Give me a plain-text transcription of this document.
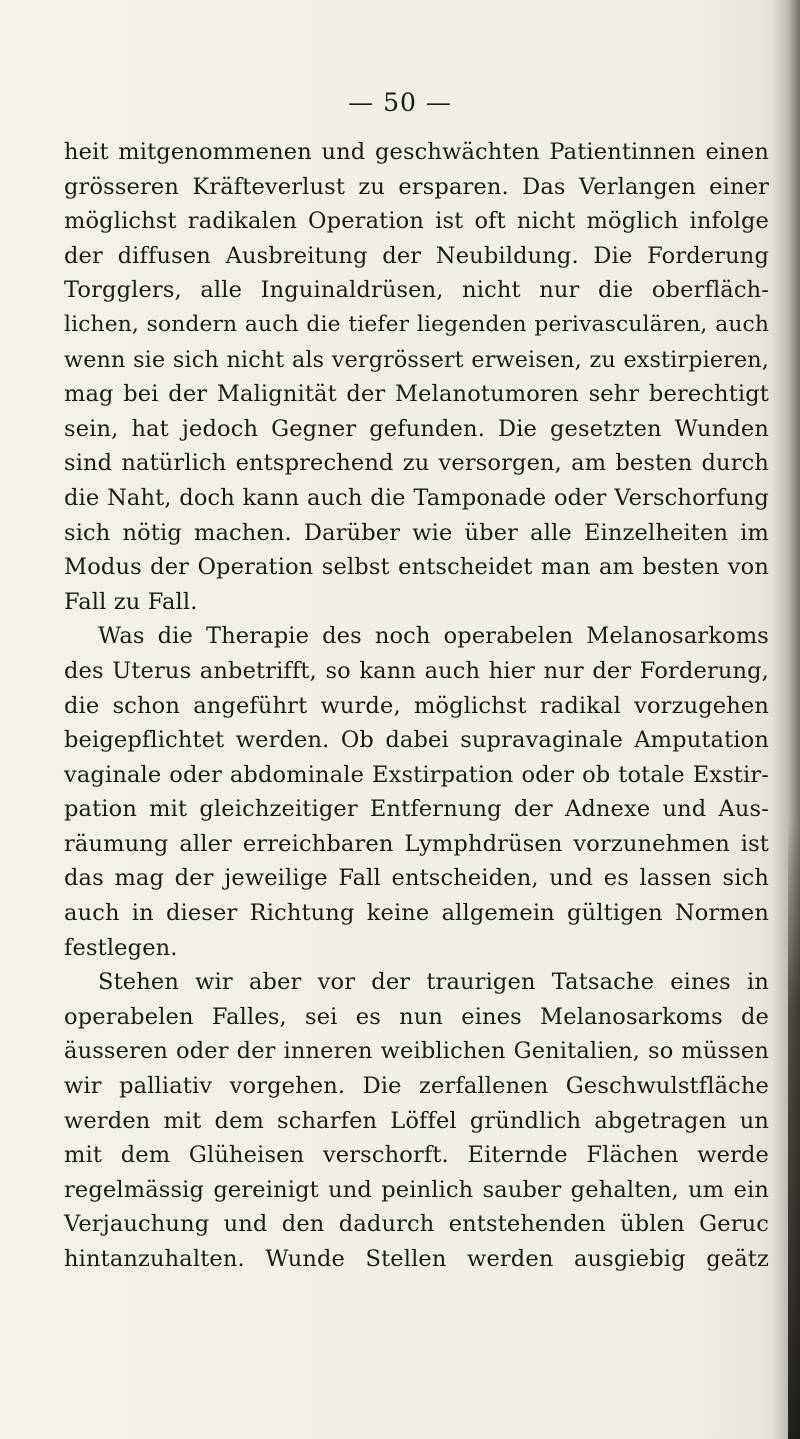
— 50 —
heit mitgenommenen und geschwächten Patientinnen einen
grösseren Kräfteverlust zu ersparen. Das Verlangen einer
möglichst radikalen Operation ist oft nicht möglich infolge
der diffusen Ausbreitung der Neubildung. Die Forderung
Torgglers, alle Inguinaldrüsen, nicht nur die oberfläch-
lichen, sondern auch die tiefer liegenden perivasculären, auch
wenn sie sich nicht als vergrössert erweisen, zu exstirpieren,
mag bei der Malignität der Melanotumoren sehr berechtigt
sein, hat jedoch Gegner gefunden. Die gesetzten Wunden
sind natürlich entsprechend zu versorgen, am besten durch
die Naht, doch kann auch die Tamponade oder Verschorfung
sich nötig machen. Darüber wie über alle Einzelheiten im
Modus der Operation selbst entscheidet man am besten von
Fall zu Fall.
Was die Therapie des noch operabelen Melanosarkoms
des Uterus anbetrifft, so kann auch hier nur der Forderung,
die schon angeführt wurde, möglichst radikal vorzugehen
beigepflichtet werden. Ob dabei supravaginale Amputation
vaginale oder abdominale Exstirpation oder ob totale Exstir-
pation mit gleichzeitiger Entfernung der Adnexe und Aus-
räumung aller erreichbaren Lymphdrüsen vorzunehmen ist
das mag der jeweilige Fall entscheiden, und es lassen sich
auch in dieser Richtung keine allgemein gültigen Normen
festlegen.
Stehen wir aber vor der traurigen Tatsache eines in
operabelen Falles, sei es nun eines Melanosarkoms de
äusseren oder der inneren weiblichen Genitalien, so müssen
wir palliativ vorgehen. Die zerfallenen Geschwulstfläche
werden mit dem scharfen Löffel gründlich abgetragen un
mit dem Glüheisen verschorft. Eiternde Flächen werde
regelmässig gereinigt und peinlich sauber gehalten, um ein
Verjauchung und den dadurch entstehenden üblen Geruc
hintanzuhalten. Wunde Stellen werden ausgiebig geätz
